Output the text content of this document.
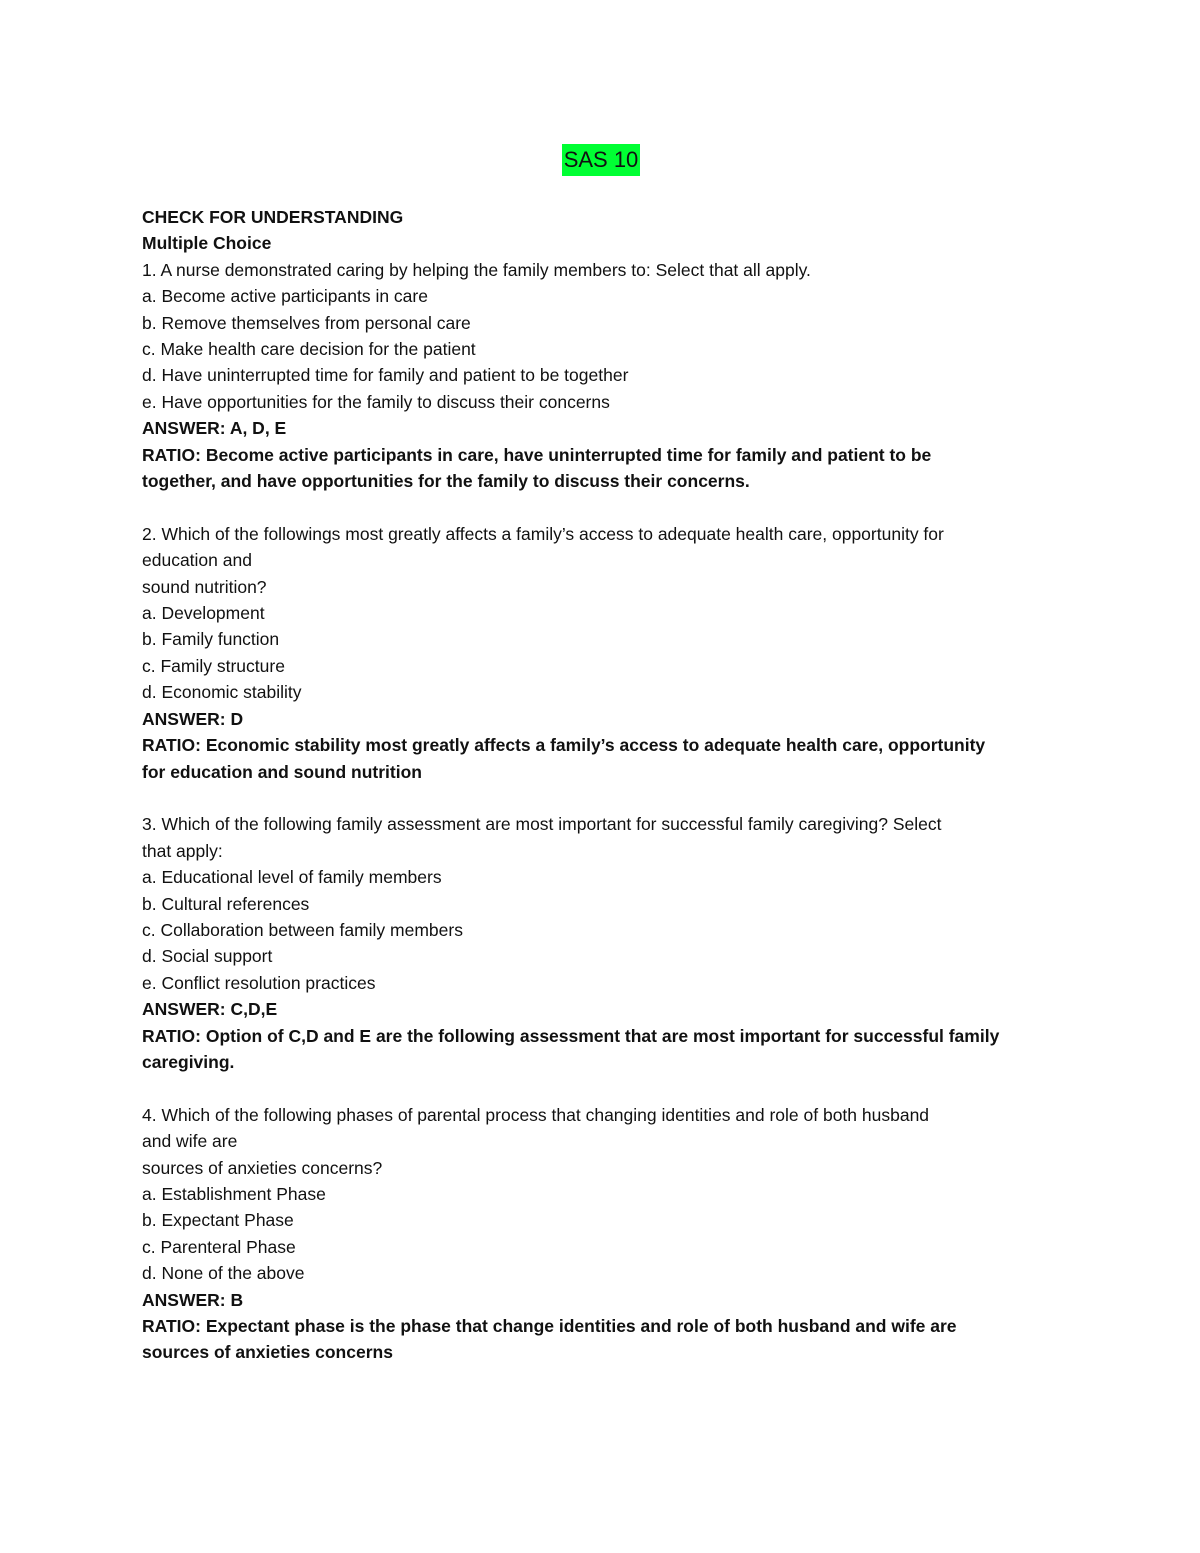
SAS 10
CHECK FOR UNDERSTANDING
Multiple Choice
1. A nurse demonstrated caring by helping the family members to: Select that all apply.
a. Become active participants in care
b. Remove themselves from personal care
c. Make health care decision for the patient
d. Have uninterrupted time for family and patient to be together
e. Have opportunities for the family to discuss their concerns
ANSWER: A, D, E
RATIO: Become active participants in care, have uninterrupted time for family and patient to be
together, and have opportunities for the family to discuss their concerns.
2. Which of the followings most greatly affects a family’s access to adequate health care, opportunity for
education and
sound nutrition?
a. Development
b. Family function
c. Family structure
d. Economic stability
ANSWER: D
RATIO: Economic stability most greatly affects a family’s access to adequate health care, opportunity
for education and sound nutrition
3. Which of the following family assessment are most important for successful family caregiving? Select
that apply:
a. Educational level of family members
b. Cultural references
c. Collaboration between family members
d. Social support
e. Conflict resolution practices
ANSWER: C,D,E
RATIO: Option of C,D and E are the following assessment that are most important for successful family
caregiving.
4. Which of the following phases of parental process that changing identities and role of both husband
and wife are
sources of anxieties concerns?
a. Establishment Phase
b. Expectant Phase
c. Parenteral Phase
d. None of the above
ANSWER: B
RATIO: Expectant phase is the phase that change identities and role of both husband and wife are
sources of anxieties concerns
